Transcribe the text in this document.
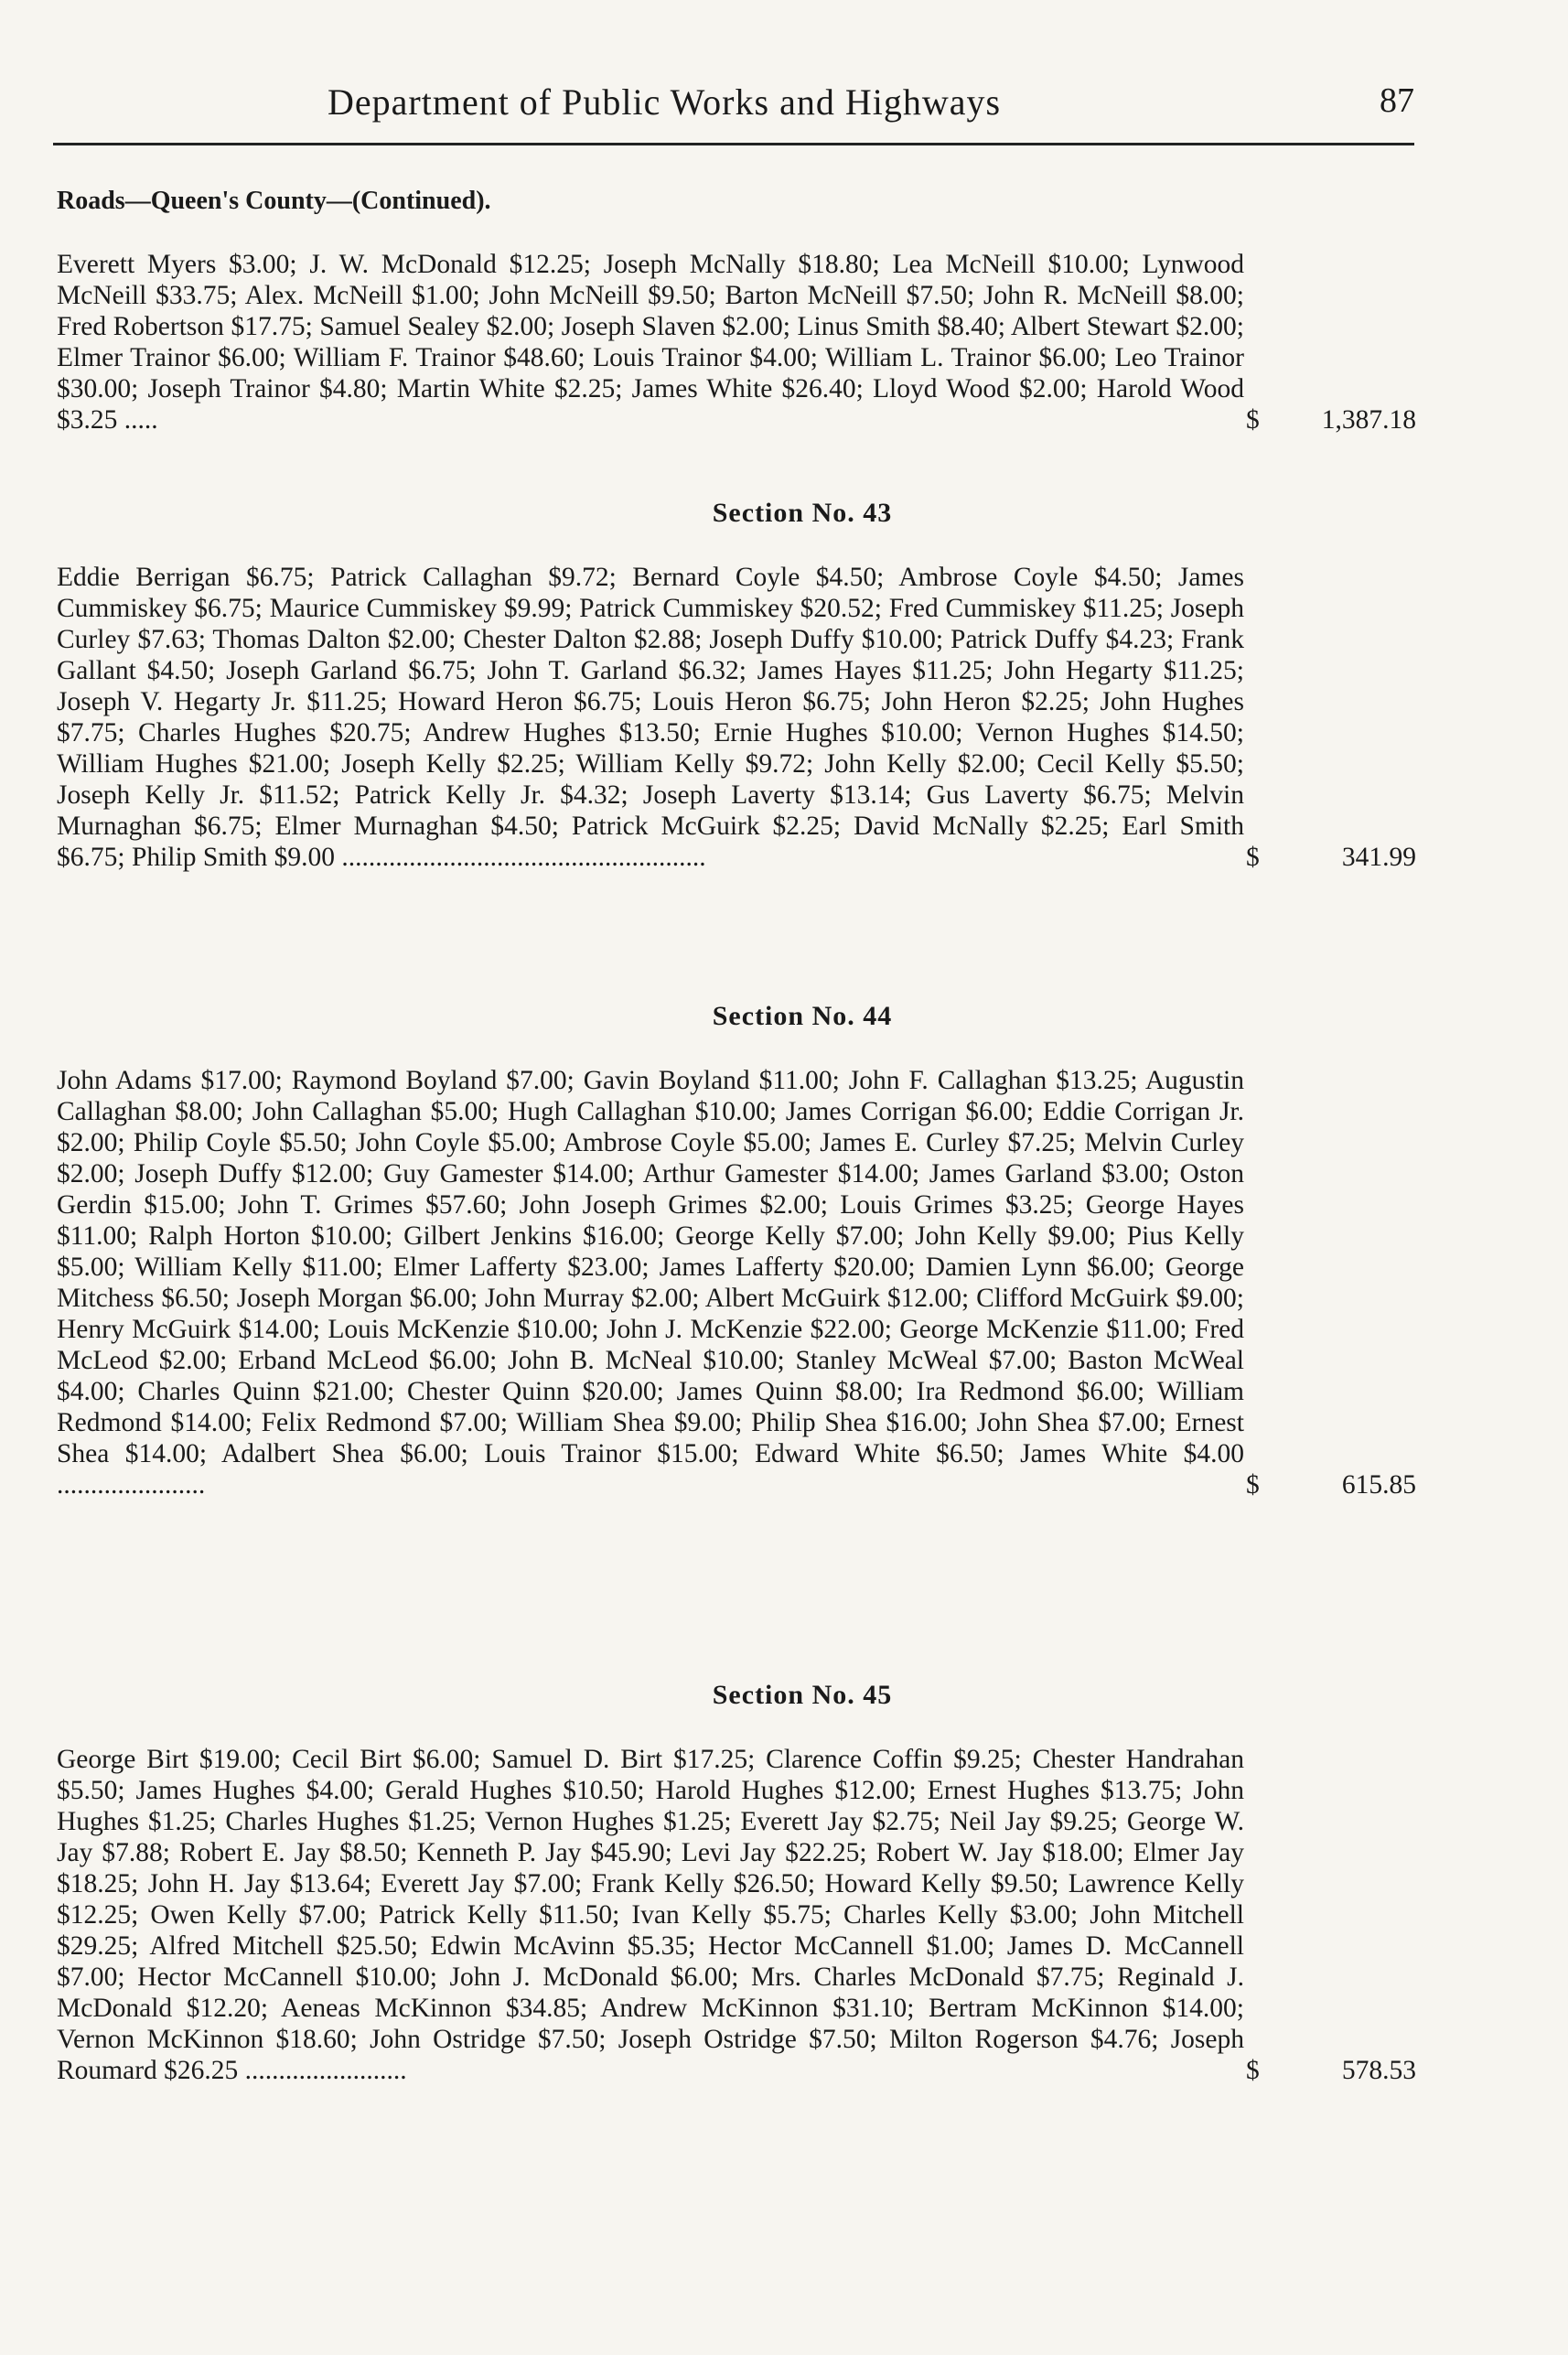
Department of Public Works and Highways	87
Roads—Queen's County—(Continued).
Everett Myers $3.00; J. W. McDonald $12.25; Joseph McNally $18.80; Lea McNeill $10.00; Lynwood McNeill $33.75; Alex. McNeill $1.00; John McNeill $9.50; Barton McNeill $7.50; John R. McNeill $8.00; Fred Robertson $17.75; Samuel Sealey $2.00; Joseph Slaven $2.00; Linus Smith $8.40; Albert Stewart $2.00; Elmer Trainor $6.00; William F. Trainor $48.60; Louis Trainor $4.00; William L. Trainor $6.00; Leo Trainor $30.00; Joseph Trainor $4.80; Martin White $2.25; James White $26.40; Lloyd Wood $2.00; Harold Wood $3.25 .....	$ 1,387.18
Section No. 43
Eddie Berrigan $6.75; Patrick Callaghan $9.72; Bernard Coyle $4.50; Ambrose Coyle $4.50; James Cummiskey $6.75; Maurice Cummiskey $9.99; Patrick Cummiskey $20.52; Fred Cummiskey $11.25; Joseph Curley $7.63; Thomas Dalton $2.00; Chester Dalton $2.88; Joseph Duffy $10.00; Patrick Duffy $4.23; Frank Gallant $4.50; Joseph Garland $6.75; John T. Garland $6.32; James Hayes $11.25; John Hegarty $11.25; Joseph V. Hegarty Jr. $11.25; Howard Heron $6.75; Louis Heron $6.75; John Heron $2.25; John Hughes $7.75; Charles Hughes $20.75; Andrew Hughes $13.50; Ernie Hughes $10.00; Vernon Hughes $14.50; William Hughes $21.00; Joseph Kelly $2.25; William Kelly $9.72; John Kelly $2.00; Cecil Kelly $5.50; Joseph Kelly Jr. $11.52; Patrick Kelly Jr. $4.32; Joseph Laverty $13.14; Gus Laverty $6.75; Melvin Murnaghan $6.75; Elmer Murnaghan $4.50; Patrick McGuirk $2.25; David McNally $2.25; Earl Smith $6.75; Philip Smith $9.00 ......................................................	$	341.99
Section No. 44
John Adams $17.00; Raymond Boyland $7.00; Gavin Boyland $11.00; John F. Callaghan $13.25; Augustin Callaghan $8.00; John Callaghan $5.00; Hugh Callaghan $10.00; James Corrigan $6.00; Eddie Corrigan Jr. $2.00; Philip Coyle $5.50; John Coyle $5.00; Ambrose Coyle $5.00; James E. Curley $7.25; Melvin Curley $2.00; Joseph Duffy $12.00; Guy Gamester $14.00; Arthur Gamester $14.00; James Garland $3.00; Oston Gerdin $15.00; John T. Grimes $57.60; John Joseph Grimes $2.00; Louis Grimes $3.25; George Hayes $11.00; Ralph Horton $10.00; Gilbert Jenkins $16.00; George Kelly $7.00; John Kelly $9.00; Pius Kelly $5.00; William Kelly $11.00; Elmer Lafferty $23.00; James Lafferty $20.00; Damien Lynn $6.00; George Mitchess $6.50; Joseph Morgan $6.00; John Murray $2.00; Albert McGuirk $12.00; Clifford McGuirk $9.00; Henry McGuirk $14.00; Louis McKenzie $10.00; John J. McKenzie $22.00; George McKenzie $11.00; Fred McLeod $2.00; Erband McLeod $6.00; John B. McNeal $10.00; Stanley McWeal $7.00; Baston McWeal $4.00; Charles Quinn $21.00; Chester Quinn $20.00; James Quinn $8.00; Ira Redmond $6.00; William Redmond $14.00; Felix Redmond $7.00; William Shea $9.00; Philip Shea $16.00; John Shea $7.00; Ernest Shea $14.00; Adalbert Shea $6.00; Louis Trainor $15.00; Edward White $6.50; James White $4.00 ......................	$	615.85
Section No. 45
George Birt $19.00; Cecil Birt $6.00; Samuel D. Birt $17.25; Clarence Coffin $9.25; Chester Handrahan $5.50; James Hughes $4.00; Gerald Hughes $10.50; Harold Hughes $12.00; Ernest Hughes $13.75; John Hughes $1.25; Charles Hughes $1.25; Vernon Hughes $1.25; Everett Jay $2.75; Neil Jay $9.25; George W. Jay $7.88; Robert E. Jay $8.50; Kenneth P. Jay $45.90; Levi Jay $22.25; Robert W. Jay $18.00; Elmer Jay $18.25; John H. Jay $13.64; Everett Jay $7.00; Frank Kelly $26.50; Howard Kelly $9.50; Lawrence Kelly $12.25; Owen Kelly $7.00; Patrick Kelly $11.50; Ivan Kelly $5.75; Charles Kelly $3.00; John Mitchell $29.25; Alfred Mitchell $25.50; Edwin McAvinn $5.35; Hector McCannell $1.00; James D. McCannell $7.00; Hector McCannell $10.00; John J. McDonald $6.00; Mrs. Charles McDonald $7.75; Reginald J. McDonald $12.20; Aeneas McKinnon $34.85; Andrew McKinnon $31.10; Bertram McKinnon $14.00; Vernon McKinnon $18.60; John Ostridge $7.50; Joseph Ostridge $7.50; Milton Rogerson $4.76; Joseph Roumard $26.25 ........................	$	578.53
